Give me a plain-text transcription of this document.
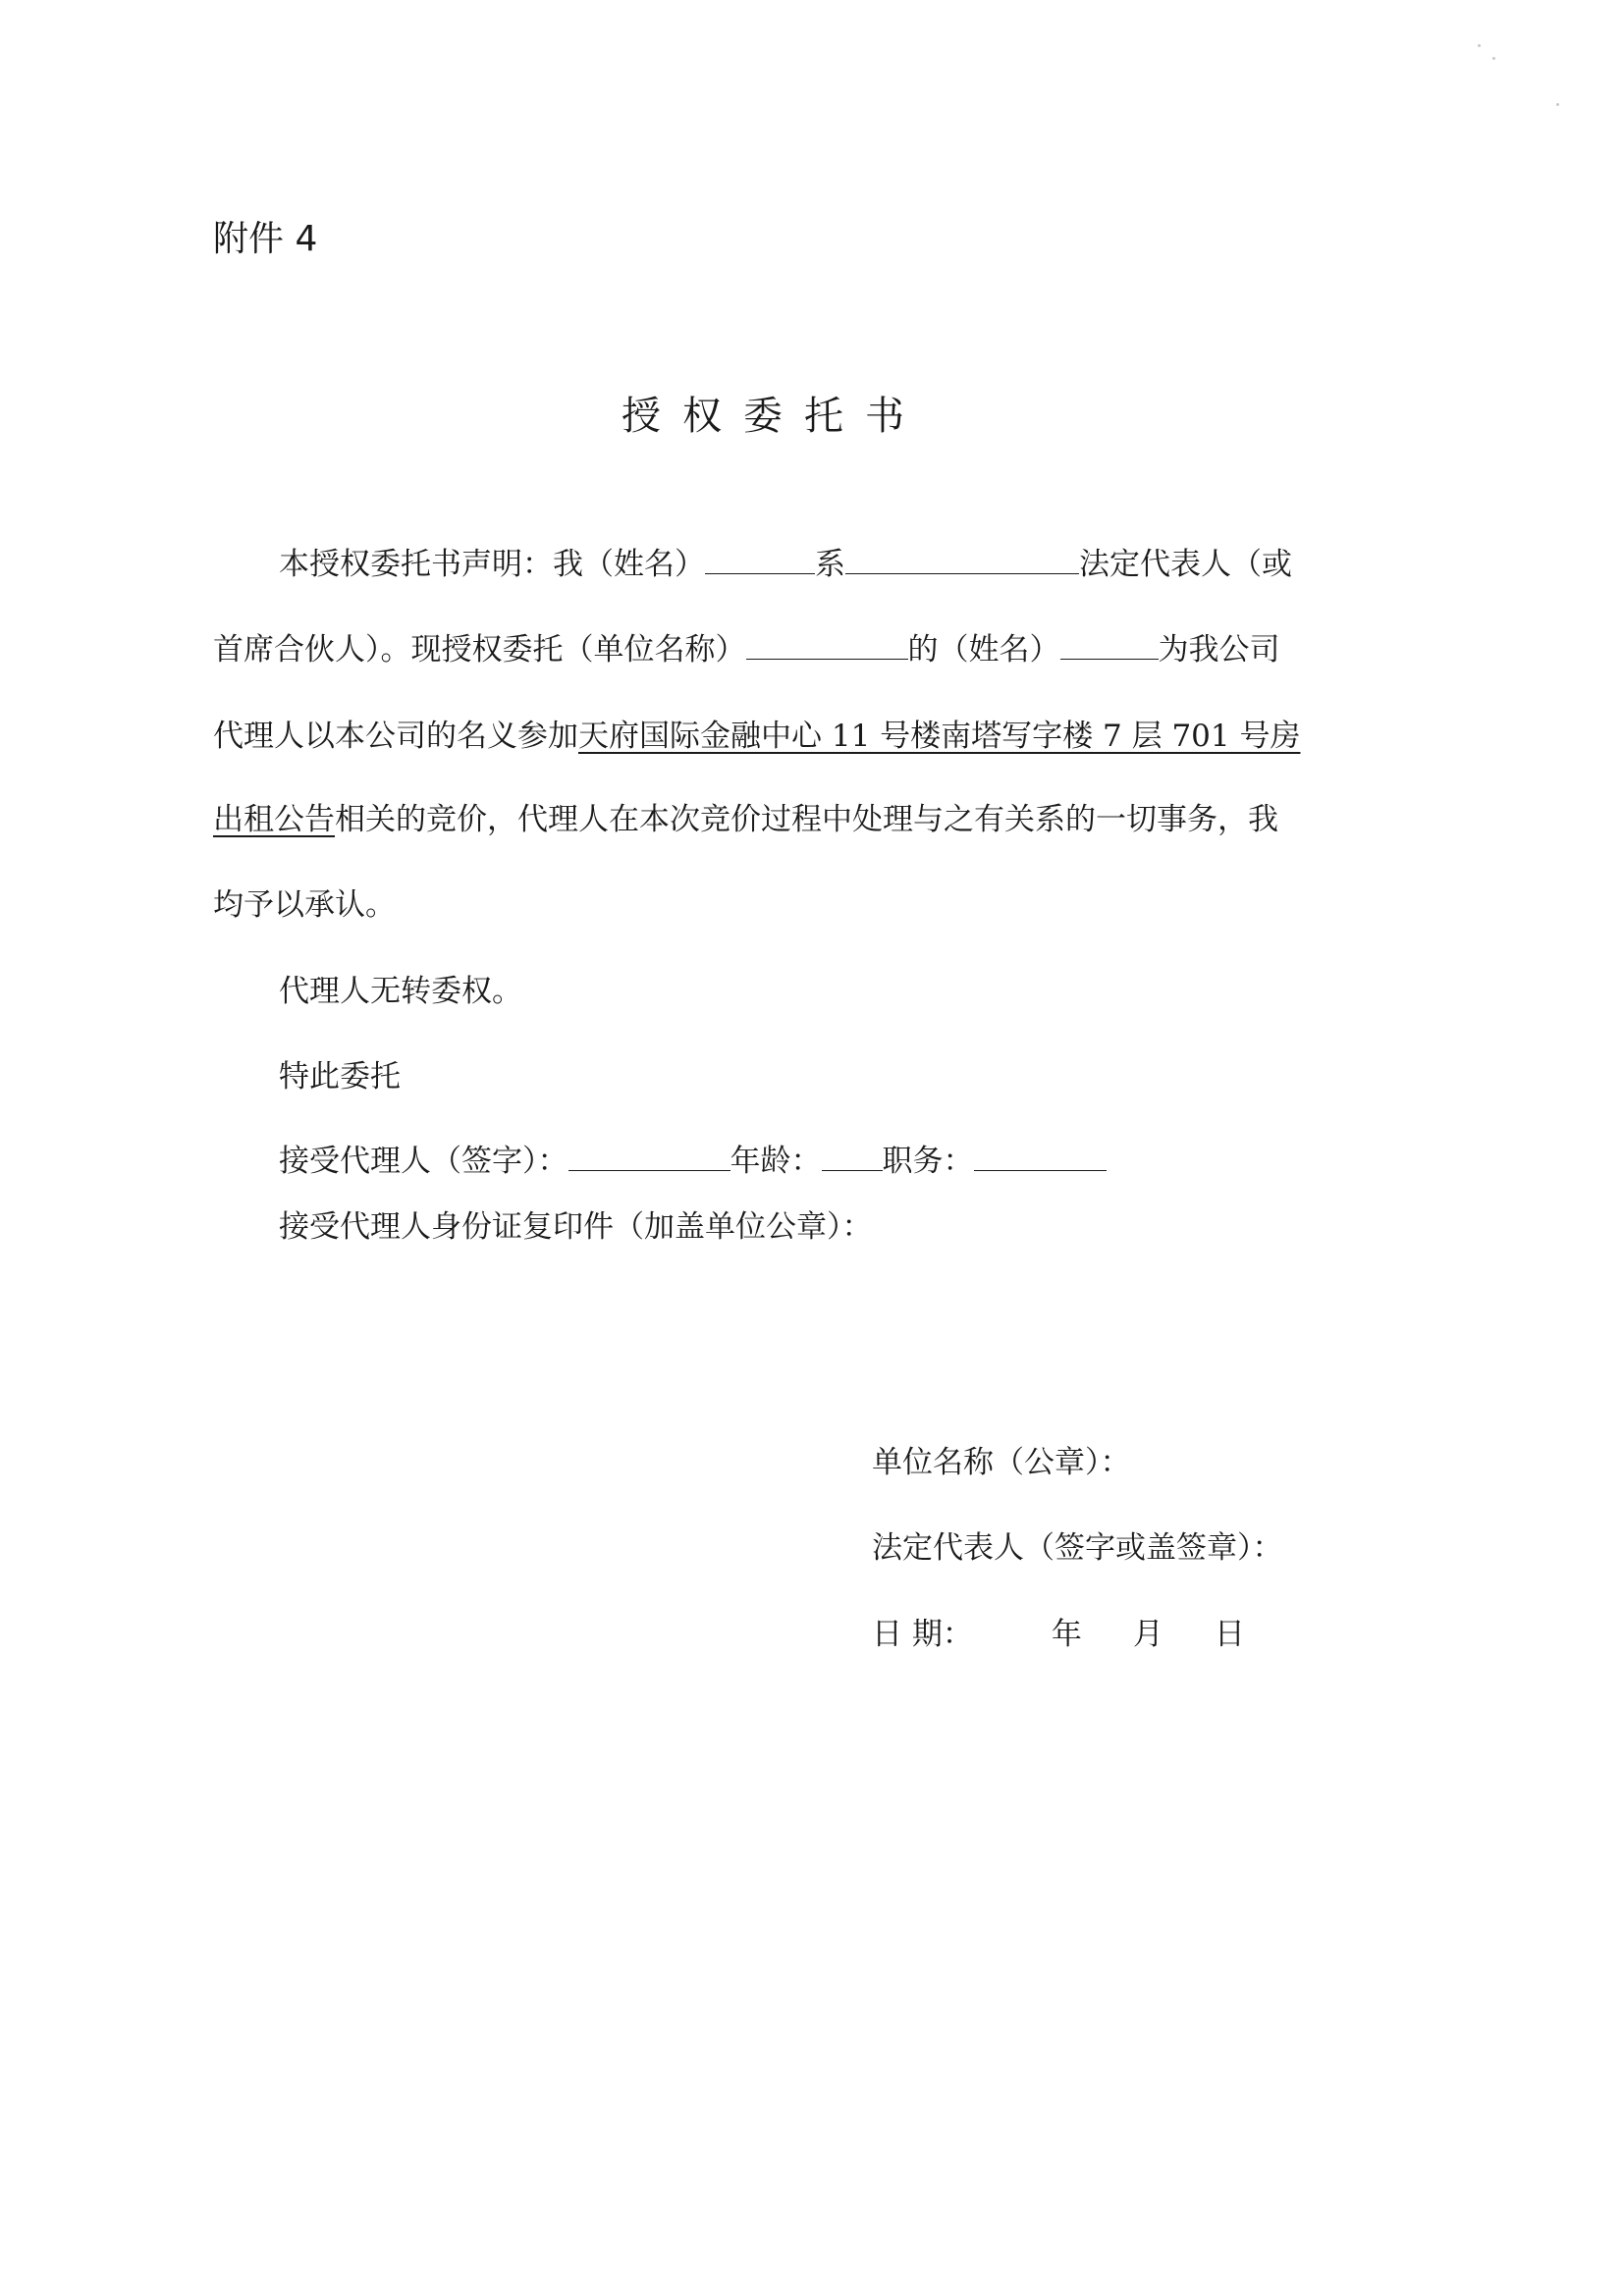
附件 4
授权委托书
本授权委托书声明：我（姓名）	系	法定代表人（或
首席合伙人）。现授权委托（单位名称）	的（姓名）	为我公司
代理人以本公司的名义参加天府国际金融中心 11 号楼南塔写字楼 7 层 701 号房
出租公告相关的竞价，代理人在本次竞价过程中处理与之有关系的一切事务，我
均予以承认。
代理人无转委权。
特此委托
接受代理人（签字）：	年龄： 职务：
接受代理人身份证复印件（加盖单位公章）：
单位名称（公章）：
法定代表人（签字或盖签章）：
日 期：	年 月 日
